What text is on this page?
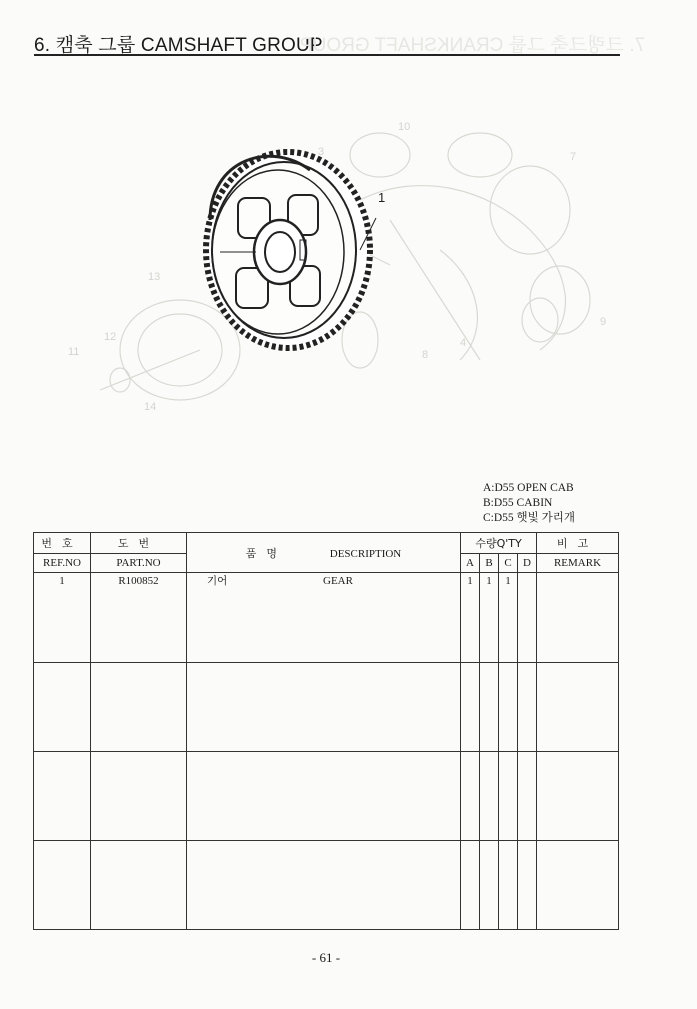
6. 캠축 그룹 CAMSHAFT GROUP
7. 크랭크축 그룹 CRANKSHAFT GROUP
10
3
13
12
11
14
8
4
9
7
1
A:D55 OPEN CAB
B:D55 CABIN
C:D55 햇빛 가리개
번호	도번	품명 DESCRIPTION	수량Q'TY				비고
REF.NO	PART.NO		A	B	C	D	REMARK

1	R100852	기어 GEAR	1	1	1		

- 61 -
